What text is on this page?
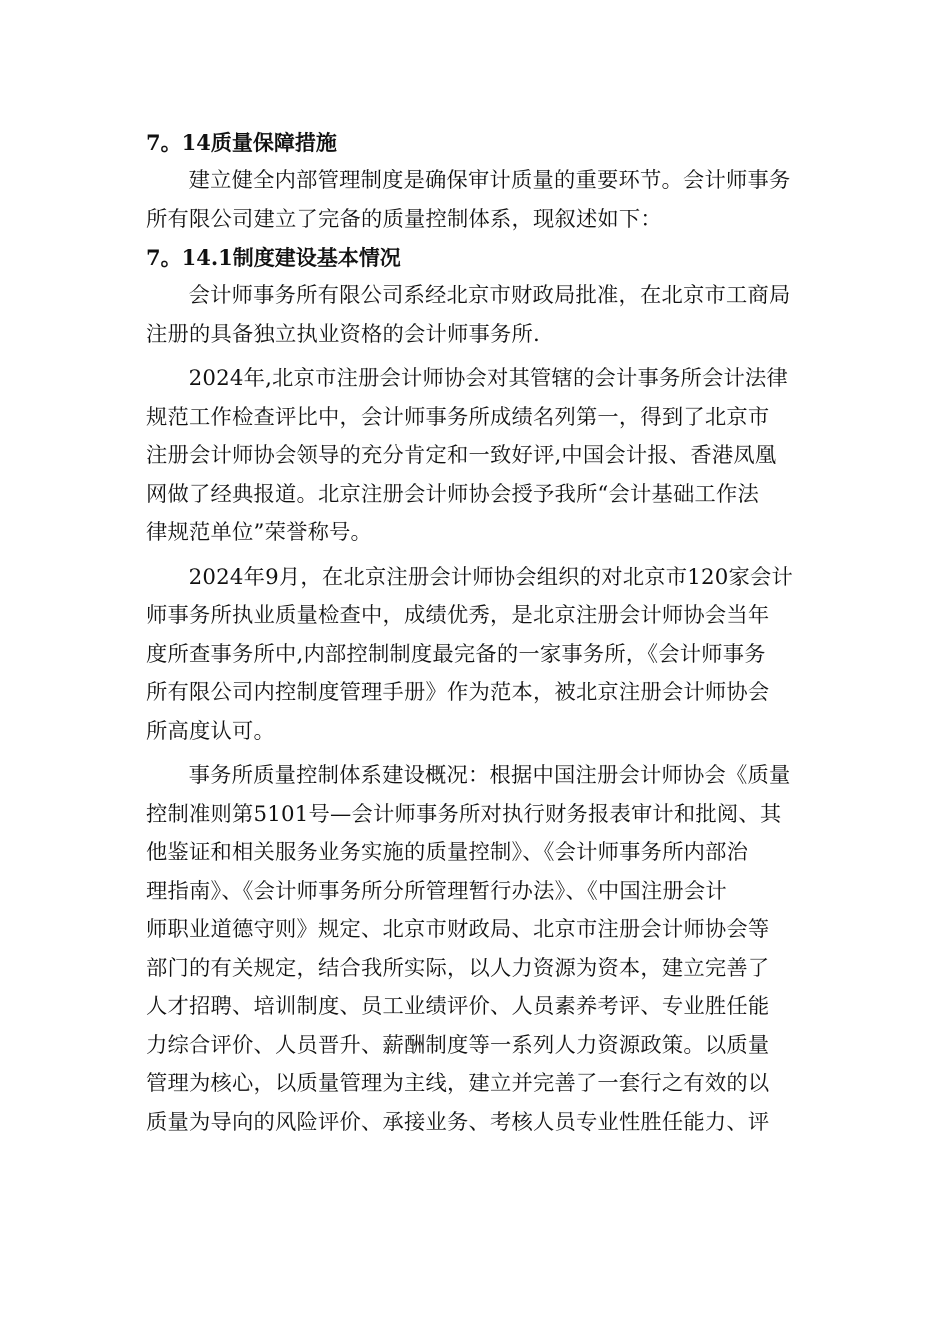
7。14质量保障措施

建立健全内部管理制度是确保审计质量的重要环节。会计师事务
所有限公司建立了完备的质量控制体系，现叙述如下：

7。14.1制度建设基本情况

会计师事务所有限公司系经北京市财政局批准，在北京市工商局
注册的具备独立执业资格的会计师事务所.

2024年,北京市注册会计师协会对其管辖的会计事务所会计法律
规范工作检查评比中，会计师事务所成绩名列第一，得到了北京市
注册会计师协会领导的充分肯定和一致好评,中国会计报、香港凤凰
网做了经典报道。北京注册会计师协会授予我所“会计基础工作法
律规范单位”荣誉称号。

2024年9月，在北京注册会计师协会组织的对北京市120家会计
师事务所执业质量检查中，成绩优秀，是北京注册会计师协会当年
度所查事务所中,内部控制制度最完备的一家事务所，《会计师事务
所有限公司内控制度管理手册》作为范本，被北京注册会计师协会
所高度认可。

事务所质量控制体系建设概况：根据中国注册会计师协会《质量
控制准则第5101号—会计师事务所对执行财务报表审计和批阅、其
他鉴证和相关服务业务实施的质量控制》、《会计师事务所内部治
理指南》、《会计师事务所分所管理暂行办法》、《中国注册会计
师职业道德守则》规定、北京市财政局、北京市注册会计师协会等
部门的有关规定，结合我所实际，以人力资源为资本，建立完善了
人才招聘、培训制度、员工业绩评价、人员素养考评、专业胜任能
力综合评价、人员晋升、薪酬制度等一系列人力资源政策。以质量
管理为核心，以质量管理为主线，建立并完善了一套行之有效的以
质量为导向的风险评价、承接业务、考核人员专业性胜任能力、评
